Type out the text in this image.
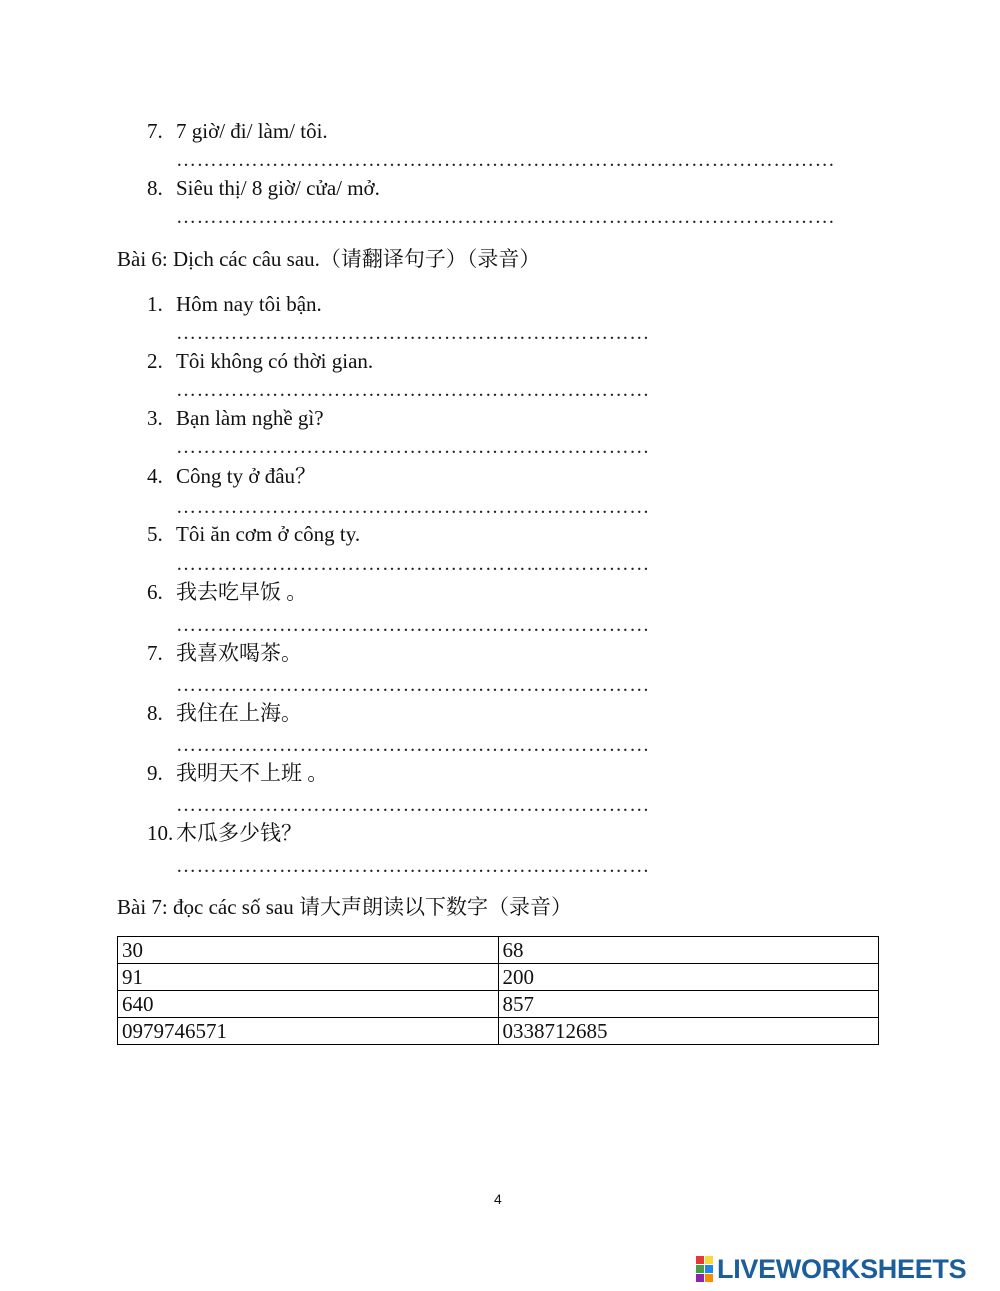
7. 7 giờ/ đi/ làm/ tôi.
……………………………………………………………………………………
8. Siêu thị/ 8 giờ/ cửa/ mở.
……………………………………………………………………………………
Bài 6: Dịch các câu sau.（请翻译句子）（录音）
1. Hôm nay tôi bận.
……………………………………………………………
2. Tôi không có thời gian.
……………………………………………………………
3. Bạn làm nghề gì?
……………………………………………………………
4. Công ty ở đâu？
……………………………………………………………
5. Tôi ăn cơm ở công ty.
……………………………………………………………
6. 我去吃早饭 。
……………………………………………………………
7. 我喜欢喝茶。
……………………………………………………………
8. 我住在上海。
……………………………………………………………
9. 我明天不上班 。
……………………………………………………………
10. 木瓜多少钱？
……………………………………………………………
Bài 7: đọc các số sau 请大声朗读以下数字（录音）
30	68
91	200
640	857
0979746571	0338712685
4
LIVEWORKSHEETS
